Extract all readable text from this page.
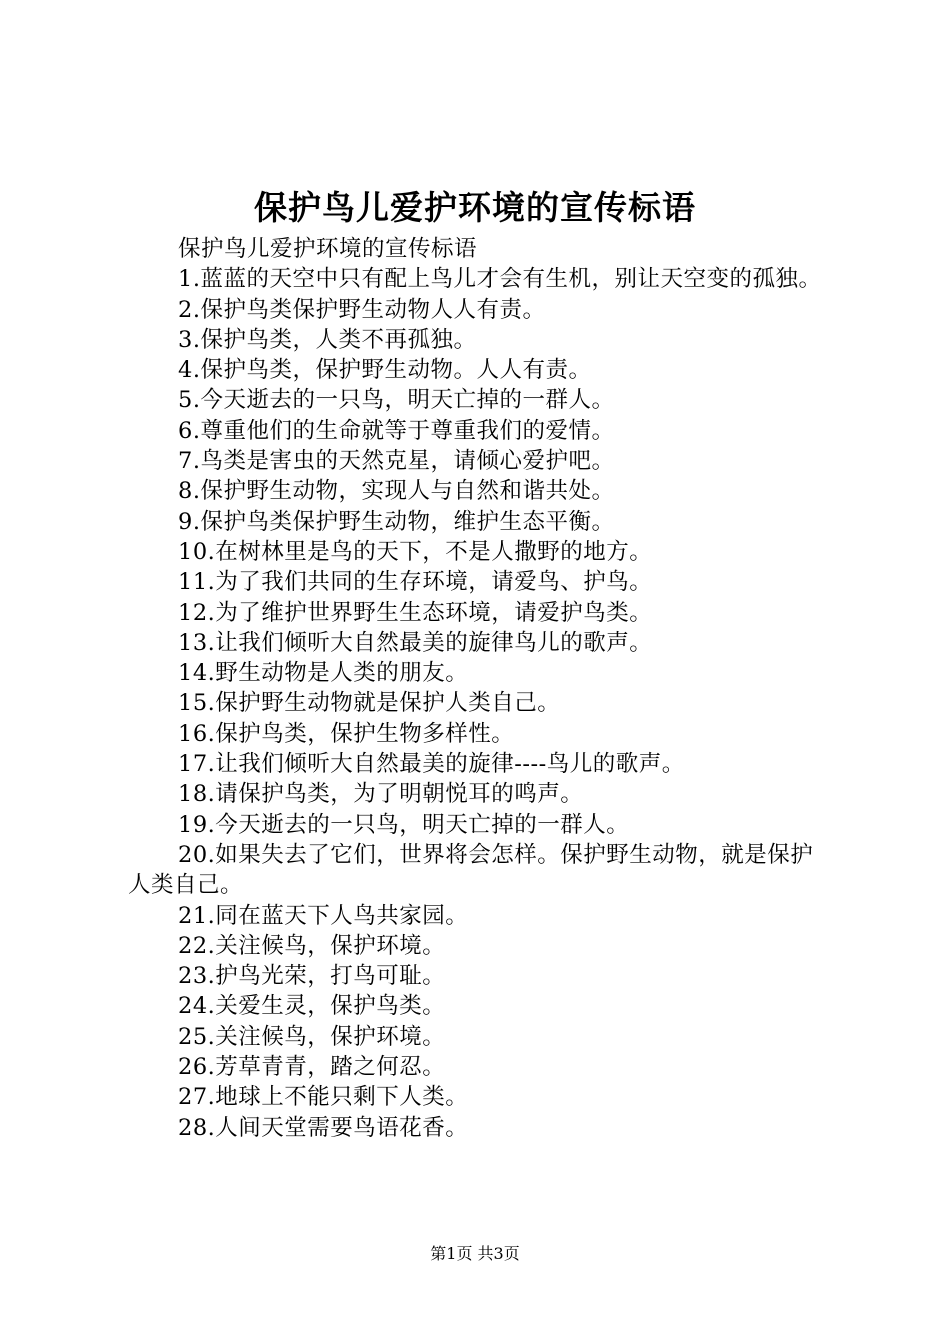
保护鸟儿爱护环境的宣传标语

保护鸟儿爱护环境的宣传标语

1.蓝蓝的天空中只有配上鸟儿才会有生机，别让天空变的孤独。

2.保护鸟类保护野生动物人人有责。

3.保护鸟类，人类不再孤独。

4.保护鸟类，保护野生动物。人人有责。

5.今天逝去的一只鸟，明天亡掉的一群人。

6.尊重他们的生命就等于尊重我们的爱情。

7.鸟类是害虫的天然克星，请倾心爱护吧。

8.保护野生动物，实现人与自然和谐共处。

9.保护鸟类保护野生动物，维护生态平衡。

10.在树林里是鸟的天下，不是人撒野的地方。

11.为了我们共同的生存环境，请爱鸟、护鸟。

12.为了维护世界野生生态环境，请爱护鸟类。

13.让我们倾听大自然最美的旋律鸟儿的歌声。

14.野生动物是人类的朋友。

15.保护野生动物就是保护人类自己。

16.保护鸟类，保护生物多样性。

17.让我们倾听大自然最美的旋律----鸟儿的歌声。

18.请保护鸟类，为了明朝悦耳的鸣声。

19.今天逝去的一只鸟，明天亡掉的一群人。

20.如果失去了它们，世界将会怎样。保护野生动物，就是保护人类自己。

21.同在蓝天下人鸟共家园。

22.关注候鸟，保护环境。

23.护鸟光荣，打鸟可耻。

24.关爱生灵，保护鸟类。

25.关注候鸟，保护环境。

26.芳草青青，踏之何忍。

27.地球上不能只剩下人类。

28.人间天堂需要鸟语花香。

第1页 共3页
